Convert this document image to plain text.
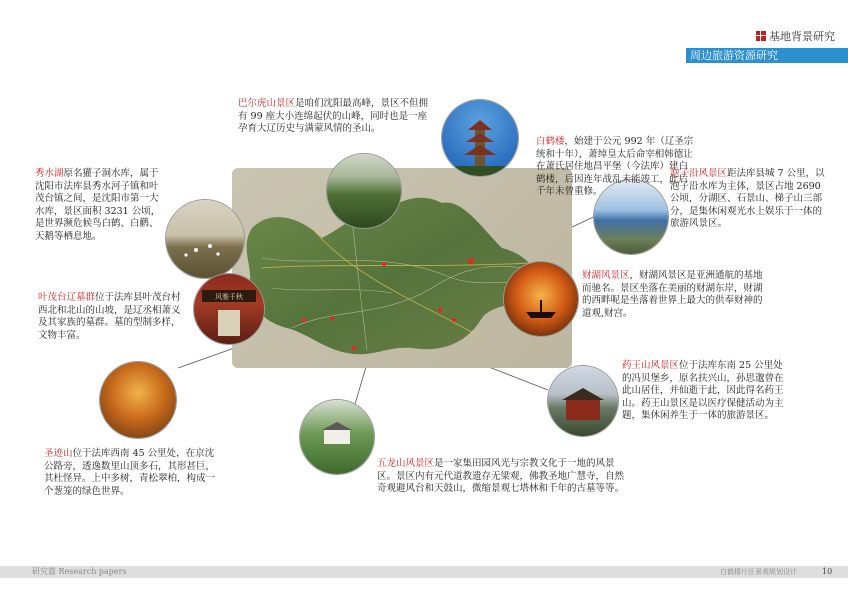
基地背景研究
周边旅游资源研究
风雅千秋
巴尔虎山景区是咱们沈阳最高峰，景区不但拥有 99 座大小连绵起伏的山峰，同时也是一座孕育大辽历史与满蒙风情的圣山。
白鹤楼，始建于公元 992 年（辽圣宗统和十年），萧绰皇太后命宰相韩德让在萧氏居住地昌平堡（今法库）建白鹤楼，后因连年战乱未能竣工，此后千年未曾重修。
秀水湖原名獾子洞水库，属于沈阳市法库县秀水河子镇和叶茂台镇之间，是沈阳市第一大水库，景区面积 3231 公顷，是世界濒危候鸟白鹤、白鹳、天鹅等栖息地。
泡子沿风景区距法库县城 7 公里，以泡子沿水库为主体，景区占地 2690 公顷，分湖区、石景山、梯子山三部分，是集休闲观光水上娱乐于一体的旅游风景区。
财湖风景区，财湖风景区是亚洲通航的基地而驰名。景区坐落在美丽的财湖东岸，财湖的西畔呢是坐落着世界上最大的供奉财神的道观,财宫。
叶茂台辽墓群位于法库县叶茂台村西北和北山的山坡，是辽丞相萧义及其家族的墓群。墓的型制多样，文物丰富。
药王山风景区位于法库东南 25 公里处的冯贝堡乡，原名扶兴山，孙思邈曾在此山居住，并仙逝于此，因此得名药王山。药王山景区是以医疗保健活动为主题，集休闲养生于一体的旅游景区。
圣迹山位于法库西南 45 公里处，在京沈公路旁，透逸数里山顶多石，其形甚巨，其杜怪异。上中多树，青松翠柏，构成一个葱笼的绿色世界。
五龙山风景区是一家集田园风光与宗教文化于一地的风景区。景区内有元代道教遗存无梁观，佛教圣地广慧寺，自然奇观避风台和天鼓山，微缩景观七塔林和千年的古墓等等。
研究篇 Research papers	白鹤楼片区景观规划设计	10
